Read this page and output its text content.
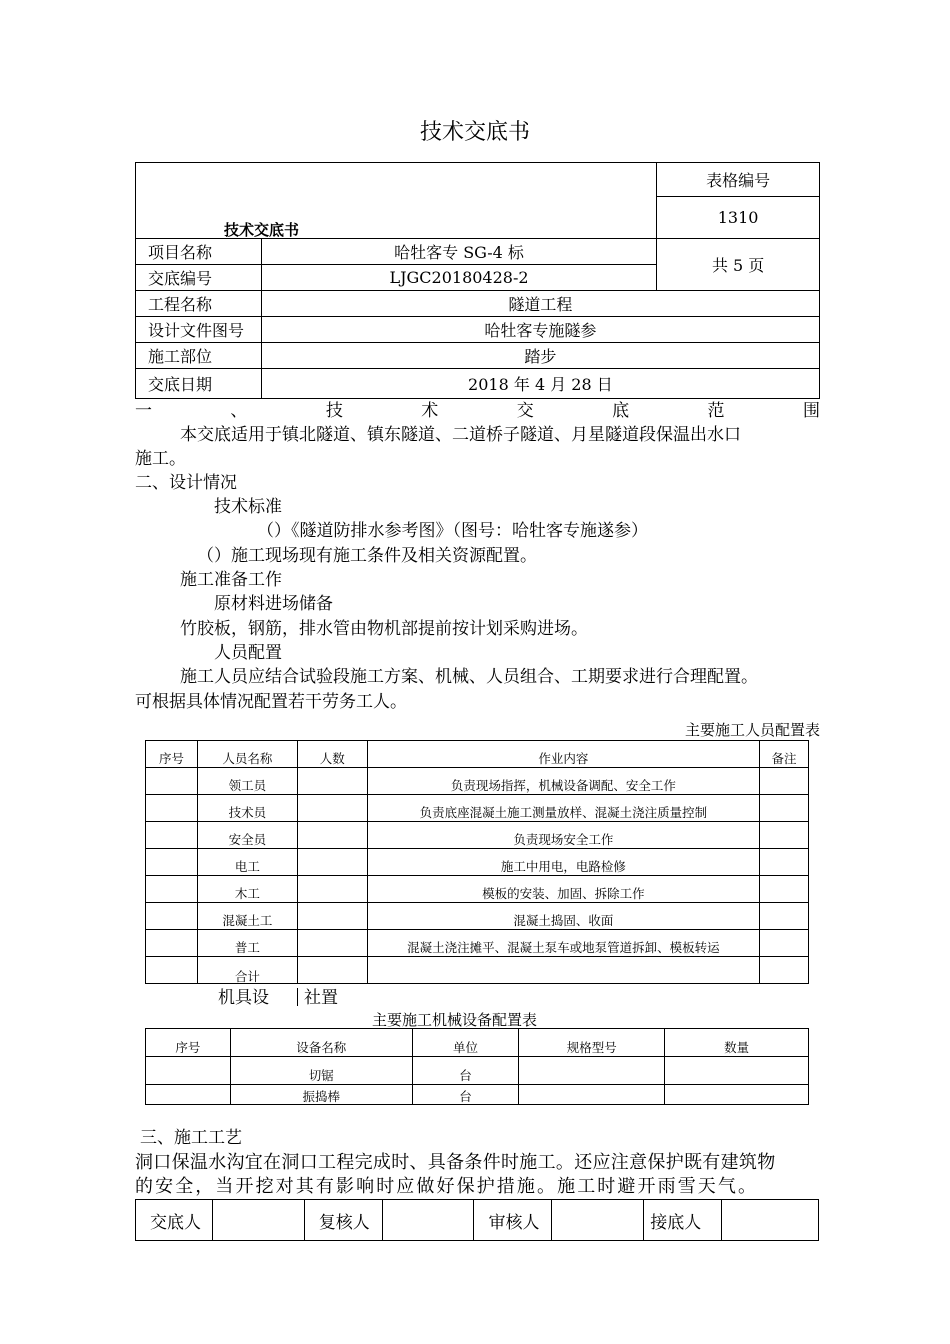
技术交底书
技术交底书		表格编号
		1310
项目名称	哈牡客专 SG-4 标	共 5 页
交底编号	LJGC20180428-2	
工程名称	隧道工程	
设计文件图号	哈牡客专施隧参	
施工部位	踏步	
交底日期	2018 年 4 月 28 日	
一	、	技	术	交	底	范	围
本交底适用于镇北隧道、镇东隧道、二道桥子隧道、月星隧道段保温出水口
施工。
二、设计情况
技术标准
（）《隧道防排水参考图》（图号：哈牡客专施遂参）
（）施工现场现有施工条件及相关资源配置。
施工准备工作
原材料进场储备
竹胶板，钢筋，排水管由物机部提前按计划采购进场。
人员配置
施工人员应结合试验段施工方案、机械、人员组合、工期要求进行合理配置。
可根据具体情况配置若干劳务工人。
主要施工人员配置表
序号	人员名称	人数	作业内容	备注
	领工员		负责现场指挥，机械设备调配、安全工作	
	技术员		负责底座混凝土施工测量放样、混凝土浇注质量控制	
	安全员		负责现场安全工作	
	电工		施工中用电，电路检修	
	木工		模板的安装、加固、拆除工作	
	混凝土工		混凝土捣固、收面	
	普工		混凝土浇注摊平、混凝土泵车或地泵管道拆卸、模板转运	
	合计			
机具设 社置
主要施工机械设备配置表
序号	设备名称	单位	规格型号	数量
	切锯	台		
	振捣棒	台		
三、施工工艺
洞口保温水沟宜在洞口工程完成时、具备条件时施工。还应注意保护既有建筑物
的安全，当开挖对其有影响时应做好保护措施。施工时避开雨雪天气。
交底人		复核人		审核人		接底人	
